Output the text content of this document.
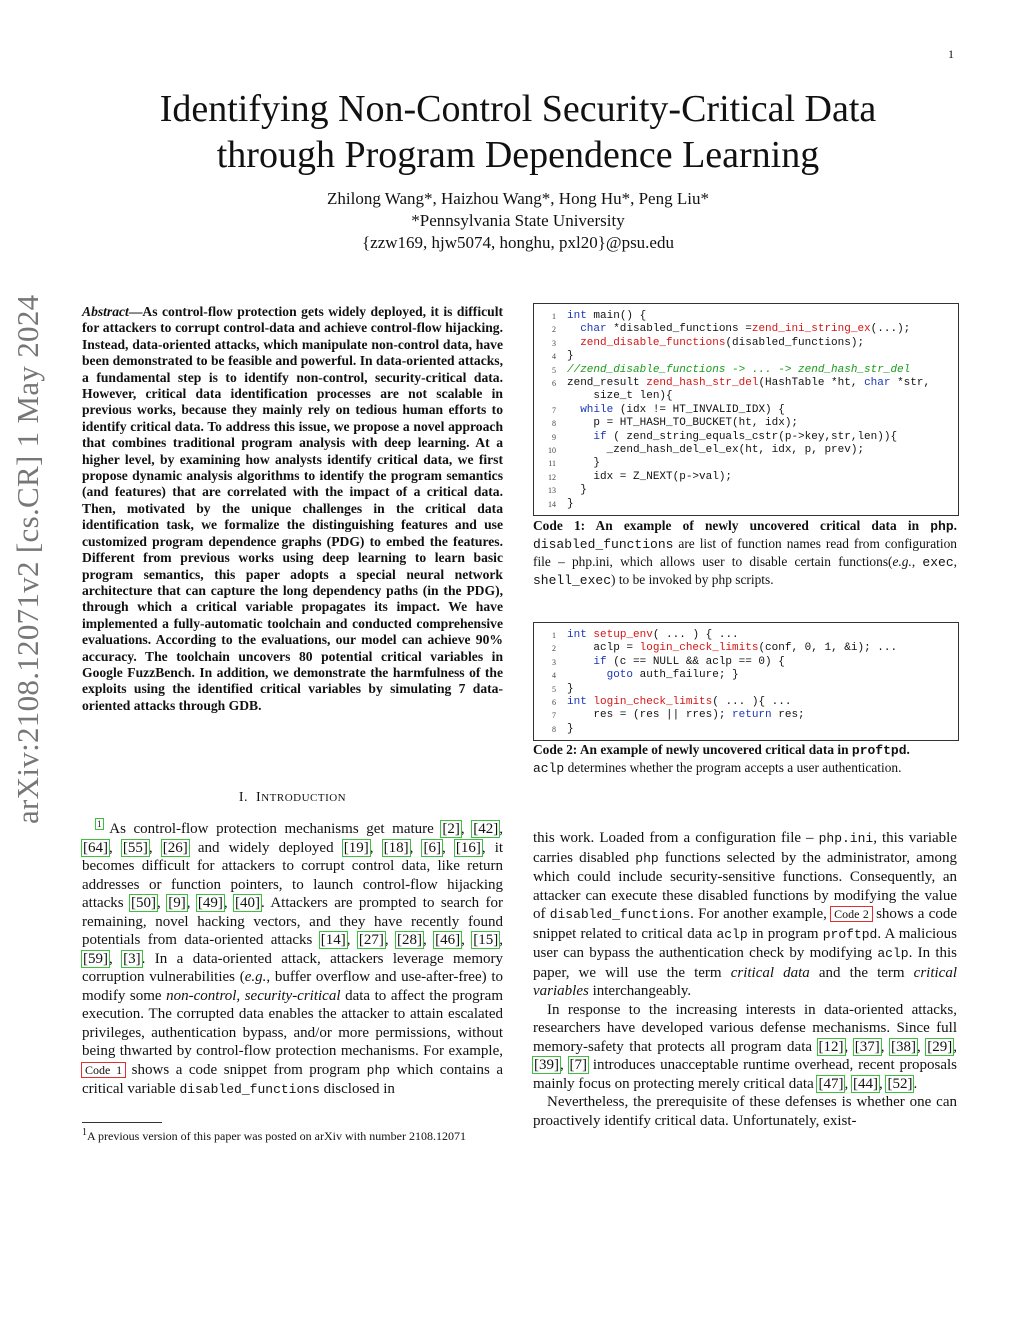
1
arXiv:2108.12071v2 [cs.CR] 1 May 2024
Identifying Non-Control Security-Critical Data
through Program Dependence Learning
Zhilong Wang*, Haizhou Wang*, Hong Hu*, Peng Liu*
*Pennsylvania State University
{zzw169, hjw5074, honghu, pxl20}@psu.edu
Abstract—As control-flow protection gets widely deployed, it is difficult for attackers to corrupt control-data and achieve control-flow hijacking. Instead, data-oriented attacks, which manipulate non-control data, have been demonstrated to be feasible and powerful. In data-oriented attacks, a fundamental step is to identify non-control, security-critical data. However, critical data identification processes are not scalable in previous works, because they mainly rely on tedious human efforts to identify critical data. To address this issue, we propose a novel approach that combines traditional program analysis with deep learning. At a higher level, by examining how analysts identify critical data, we first propose dynamic analysis algorithms to identify the program semantics (and features) that are correlated with the impact of a critical data. Then, motivated by the unique challenges in the critical data identification task, we formalize the distinguishing features and use customized program dependence graphs (PDG) to embed the features. Different from previous works using deep learning to learn basic program semantics, this paper adopts a special neural network architecture that can capture the long dependency paths (in the PDG), through which a critical variable propagates its impact. We have implemented a fully-automatic toolchain and conducted comprehensive evaluations. According to the evaluations, our model can achieve 90% accuracy. The toolchain uncovers 80 potential critical variables in Google FuzzBench. In addition, we demonstrate the harmfulness of the exploits using the identified critical variables by simulating 7 data-oriented attacks through GDB.
I. INTRODUCTION

$^1$ As control-flow protection mechanisms get mature [2], [42], [64], [55], [26] and widely deployed [19], [18], [6], [16], it becomes difficult for attackers to corrupt control data, like return addresses or function pointers, to launch control-flow hijacking attacks [50], [9], [49], [40]. Attackers are prompted to search for remaining, novel hacking vectors, and they have recently found potentials from data-oriented attacks [14], [27], [28], [46], [15], [59], [3]. In a data-oriented attack, attackers leverage memory corruption vulnerabilities (e.g., buffer overflow and use-after-free) to modify some non-control, security-critical data to affect the program execution. The corrupted data enables the attacker to attain escalated privileges, authentication bypass, and/or more permissions, without being thwarted by control-flow protection mechanisms. For example, Code 1 shows a code snippet from program php which contains a critical variable disabled_functions disclosed in

$^1$A previous version of this paper was posted on arXiv with number 2108.12071
1	int main() {
2	char *disabled_functions =zend_ini_string_ex(...);
3	zend_disable_functions(disabled_functions);
4	}
5	//zend_disable_functions -> ... -> zend_hash_str_del
6	zend_result zend_hash_str_del(HashTable *ht, char *str,
size_t len){
7	while (idx != HT_INVALID_IDX) {
8	p = HT_HASH_TO_BUCKET(ht, idx);
9	if ( zend_string_equals_cstr(p->key,str,len)){
10	_zend_hash_del_el_ex(ht, idx, p, prev);
11	}
12	idx = Z_NEXT(p->val);
13	}
14	}
Code 1: An example of newly uncovered critical data in php. disabled_functions are list of function names read from configuration file – php.ini, which allows user to disable certain functions(e.g., exec, shell_exec) to be invoked by php scripts.
1	int setup_env( ... ) { ...
2	aclp = login_check_limits(conf, 0, 1, &i); ...
3	if (c == NULL && aclp == 0) {
4	goto auth_failure; }
5	}
6	int login_check_limits( ... ){ ...
7	res = (res || rres); return res;
8	}
Code 2: An example of newly uncovered critical data in proftpd.
aclp determines whether the program accepts a user authentication.

this work. Loaded from a configuration file – php.ini, this variable carries disabled php functions selected by the administrator, among which could include security-sensitive functions. Consequently, an attacker can execute these disabled functions by modifying the value of disabled_functions. For another example, Code 2 shows a code snippet related to critical data aclp in program proftpd. A malicious user can bypass the authentication check by modifying aclp. In this paper, we will use the term critical data and the term critical variables interchangeably.

In response to the increasing interests in data-oriented attacks, researchers have developed various defense mechanisms. Since full memory-safety that protects all program data [12], [37], [38], [29], [39], [7] introduces unacceptable runtime overhead, recent proposals mainly focus on protecting merely critical data [47], [44], [52].

Nevertheless, the prerequisite of these defenses is whether one can proactively identify critical data. Unfortunately, exist-
